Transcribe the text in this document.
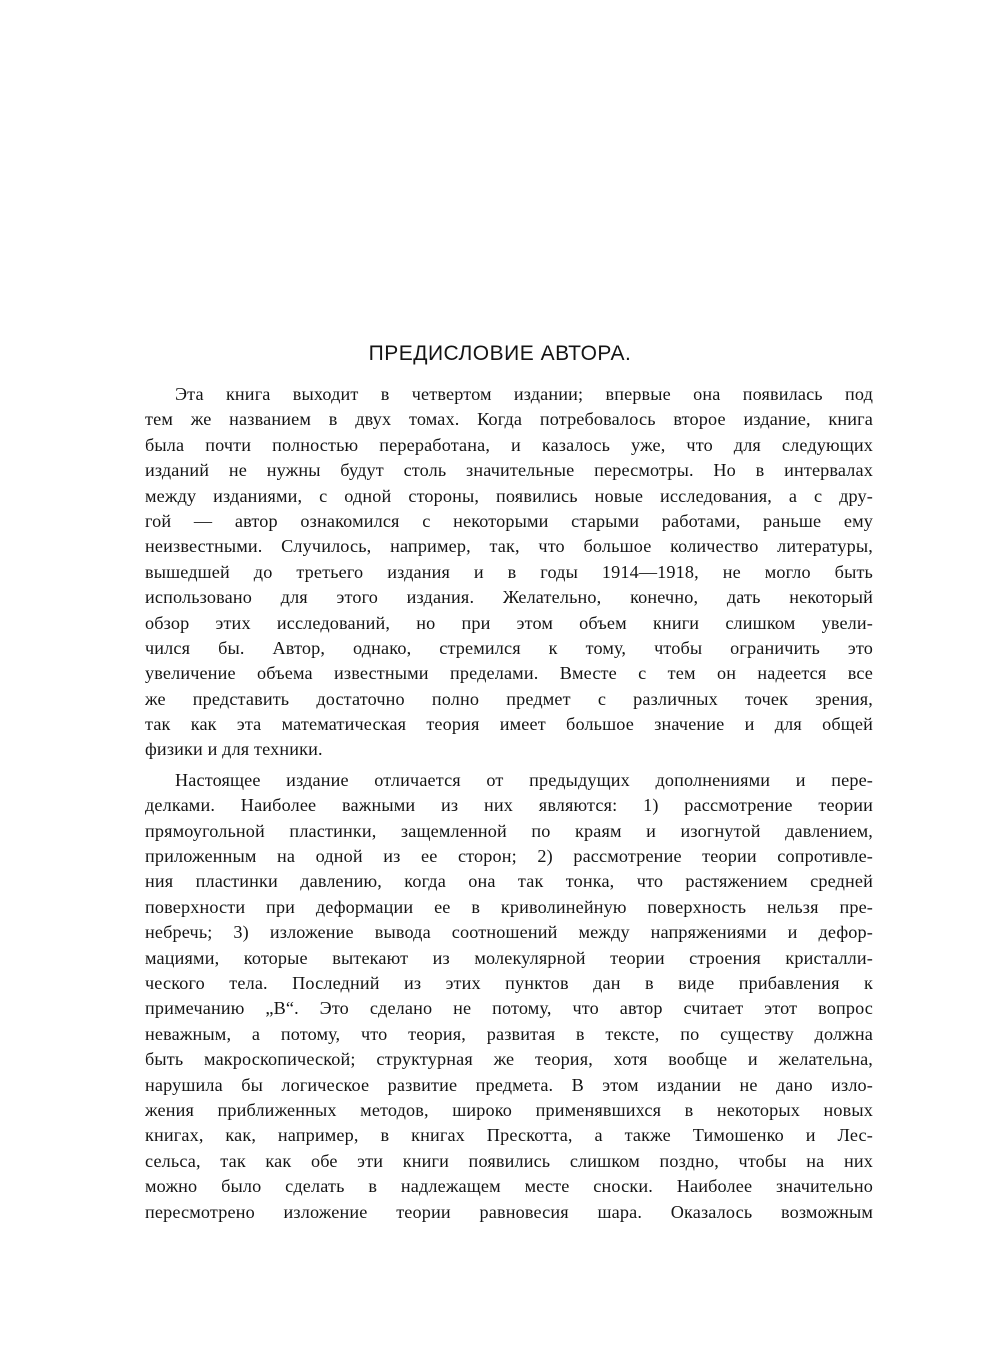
ПРЕДИСЛОВИЕ АВТОРА.
Эта книга выходит в четвертом издании; впервые она появилась под
тем же названием в двух томах. Когда потребовалось второе издание, книга
была почти полностью переработана, и казалось уже, что для следующих
изданий не нужны будут столь значительные пересмотры. Но в интервалах
между изданиями, с одной стороны, появились новые исследования, а с дру-
гой — автор ознакомился с некоторыми старыми работами, раньше ему
неизвестными. Случилось, например, так, что большое количество литературы,
вышедшей до третьего издания и в годы 1914—1918, не могло быть
использовано для этого издания. Желательно, конечно, дать некоторый
обзор этих исследований, но при этом объем книги слишком увели-
чился бы. Автор, однако, стремился к тому, чтобы ограничить это
увеличение объема известными пределами. Вместе с тем он надеется все
же представить достаточно полно предмет с различных точек зрения,
так как эта математическая теория имеет большое значение и для общей
физики и для техники.
Настоящее издание отличается от предыдущих дополнениями и пере-
делками. Наиболее важными из них являются: 1) рассмотрение теории
прямоугольной пластинки, защемленной по краям и изогнутой давлением,
приложенным на одной из ее сторон; 2) рассмотрение теории сопротивле-
ния пластинки давлению, когда она так тонка, что растяжением средней
поверхности при деформации ее в криволинейную поверхность нельзя пре-
небречь; 3) изложение вывода соотношений между напряжениями и дефор-
мациями, которые вытекают из молекулярной теории строения кристалли-
ческого тела. Последний из этих пунктов дан в виде прибавления к
примечанию „В“. Это сделано не потому, что автор считает этот вопрос
неважным, а потому, что теория, развитая в тексте, по существу должна
быть макроскопической; структурная же теория, хотя вообще и желательна,
нарушила бы логическое развитие предмета. В этом издании не дано изло-
жения приближенных методов, широко применявшихся в некоторых новых
книгах, как, например, в книгах Прескотта, а также Тимошенко и Лес-
сельса, так как обе эти книги появились слишком поздно, чтобы на них
можно было сделать в надлежащем месте сноски. Наиболее значительно
пересмотрено изложение теории равновесия шара. Оказалось возможным
